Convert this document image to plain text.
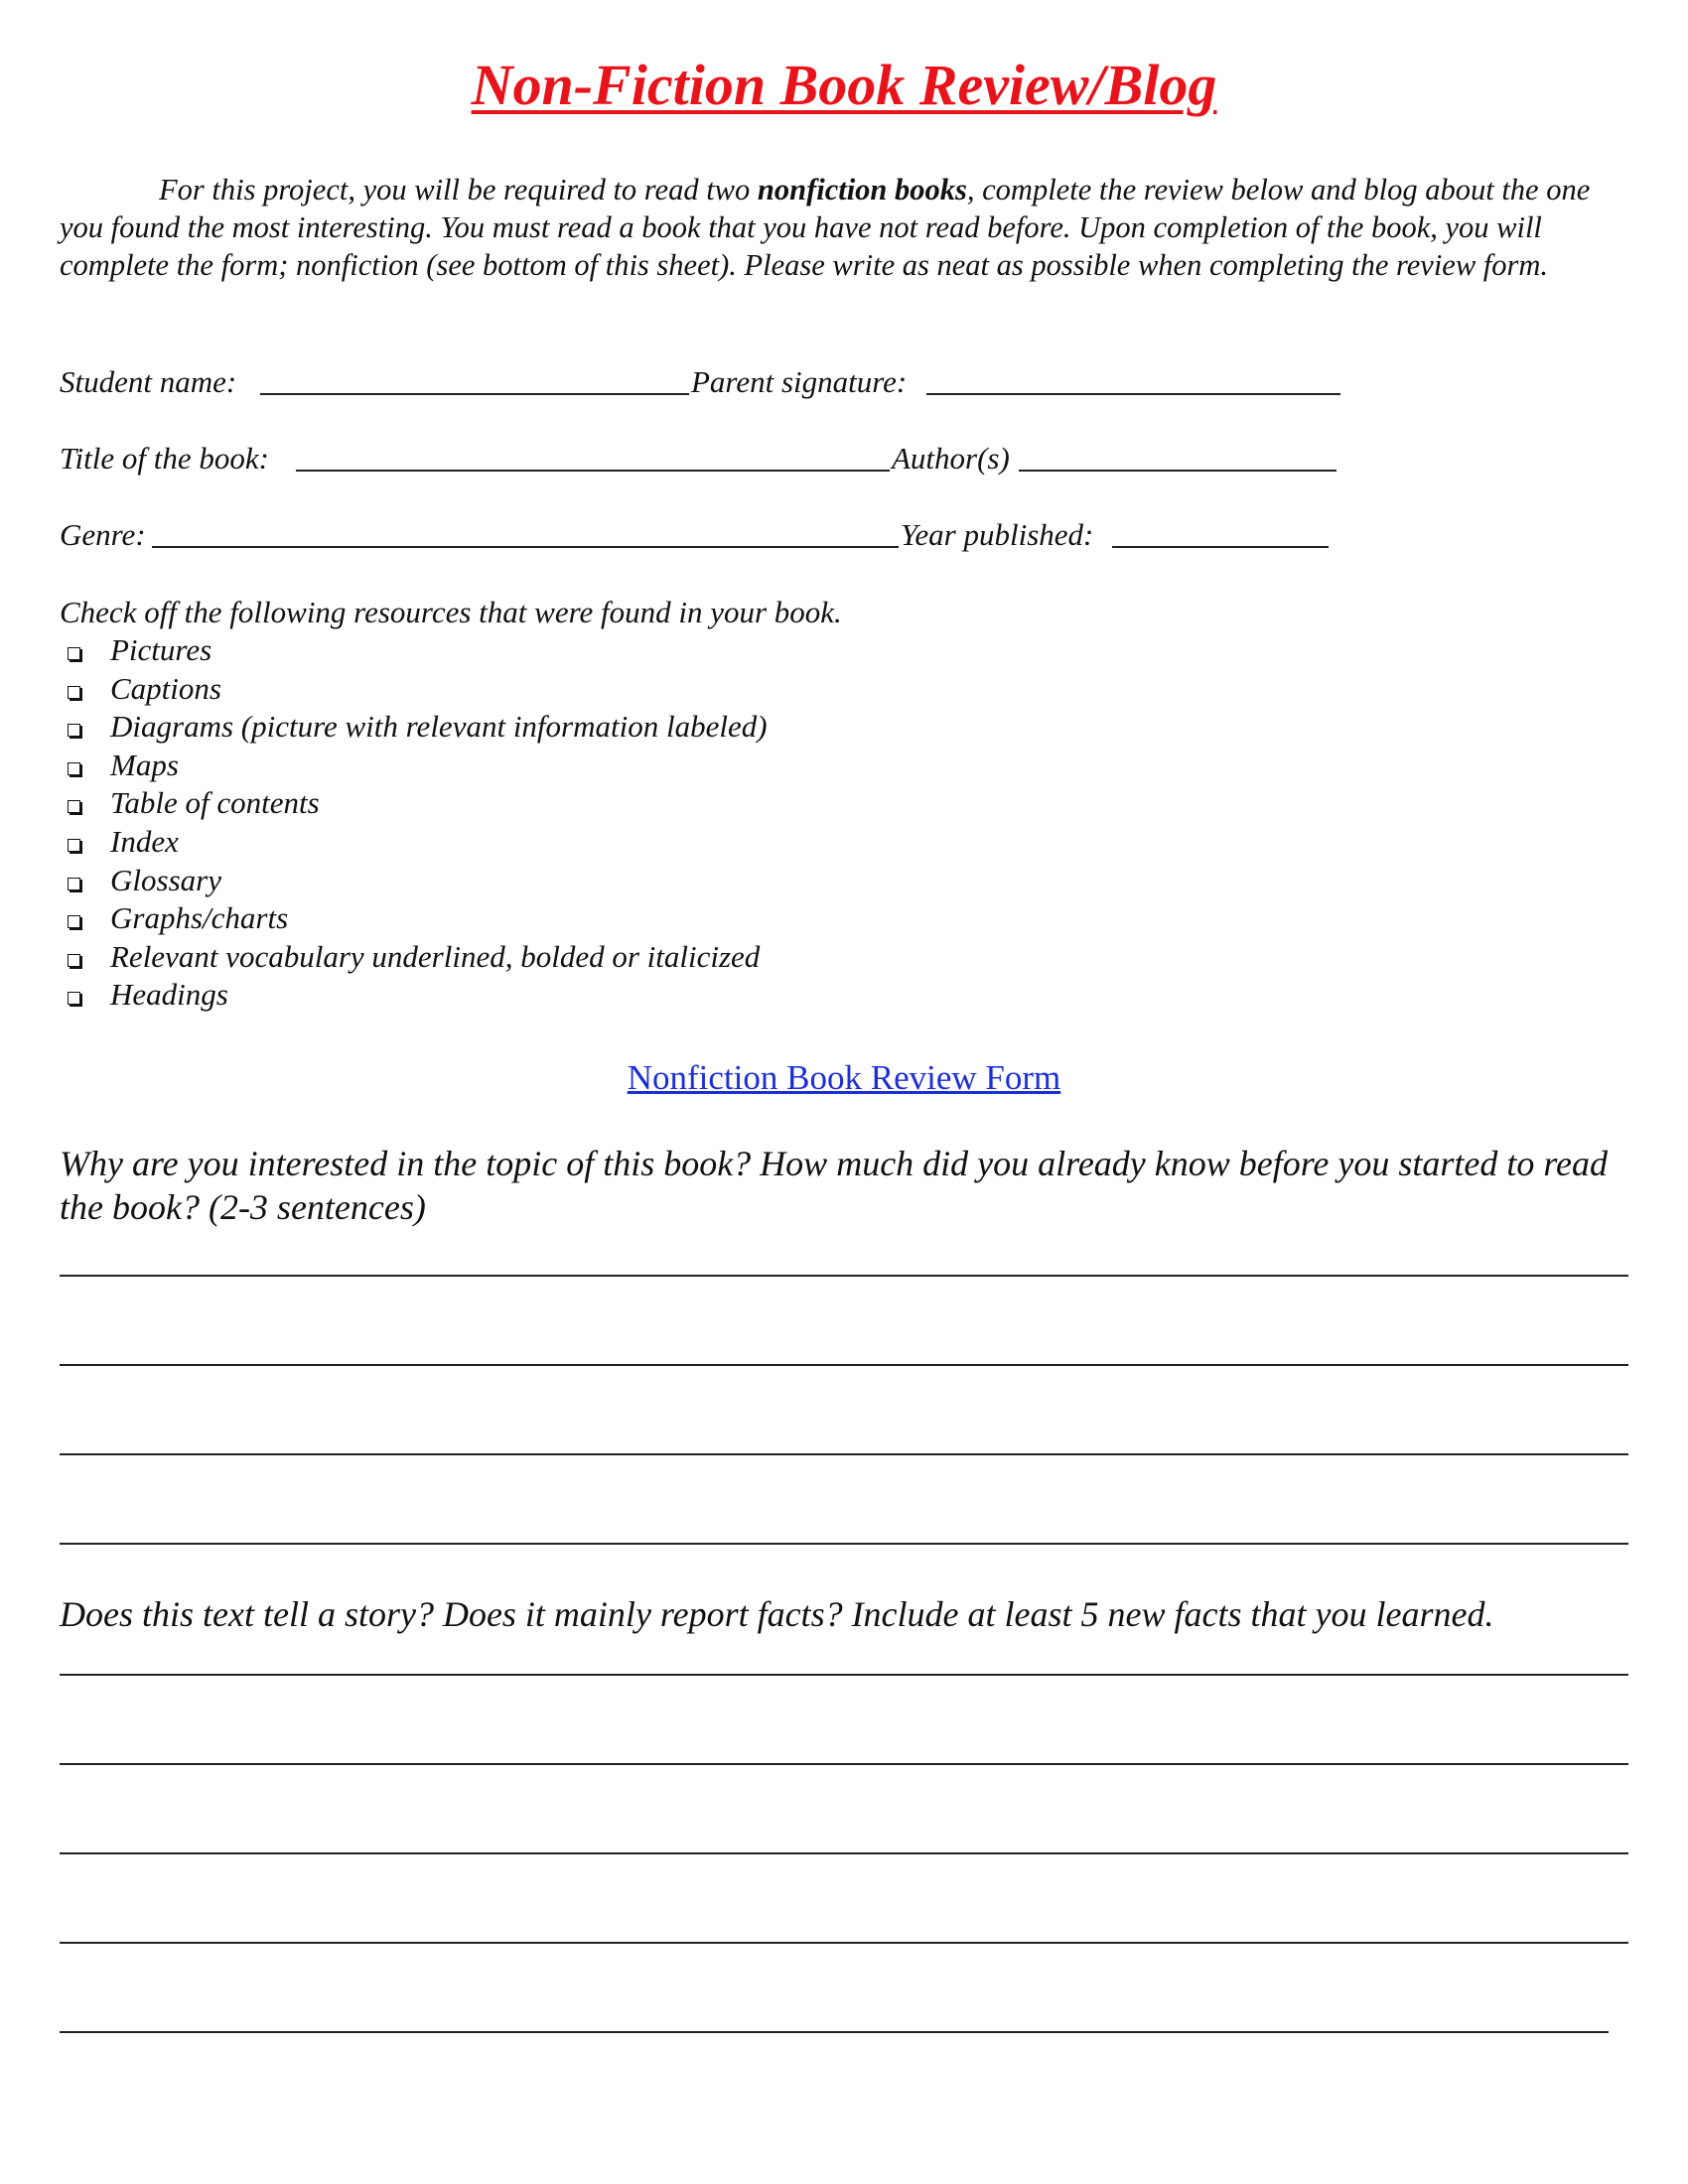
Non-Fiction Book Review/Blog

For this project, you will be required to read two nonfiction books, complete the review below and blog about the one you found the most interesting. You must read a book that you have not read before. Upon completion of the book, you will complete the form; nonfiction (see bottom of this sheet). Please write as neat as possible when completing the review form.

Student name:	Parent signature:
Title of the book:	Author(s)
Genre:	Year published:

Check off the following resources that were found in your book.

Pictures
Captions
Diagrams (picture with relevant information labeled)
Maps
Table of contents
Index
Glossary
Graphs/charts
Relevant vocabulary underlined, bolded or italicized
Headings
Nonfiction Book Review Form

Why are you interested in the topic of this book? How much did you already know before you started to read the book? (2-3 sentences)

Does this text tell a story? Does it mainly report facts? Include at least 5 new facts that you learned.
